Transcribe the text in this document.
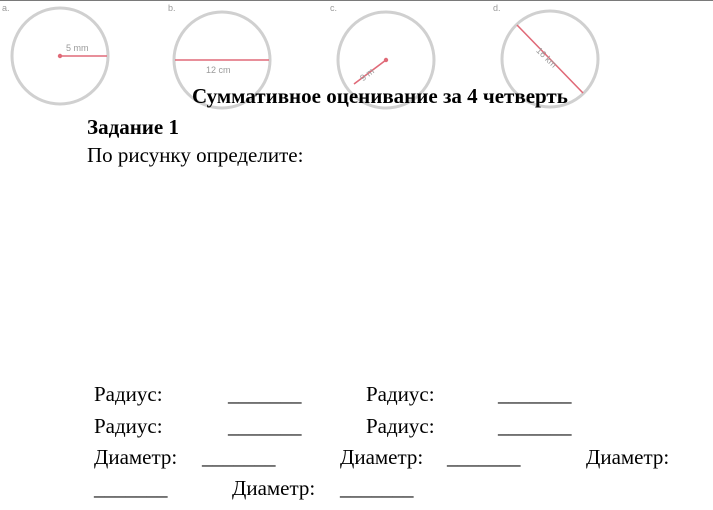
a.
5 mm
b.
12 cm
c.
9 m
d.
16 km
Суммативное оценивание за 4 четверть
Задание 1
По рисунку определите:
Радиус:	_______	Радиус:	_______
Радиус:	_______	Радиус:	_______
Диаметр: _______	Диаметр: _______	Диаметр:
_______	Диаметр: _______
